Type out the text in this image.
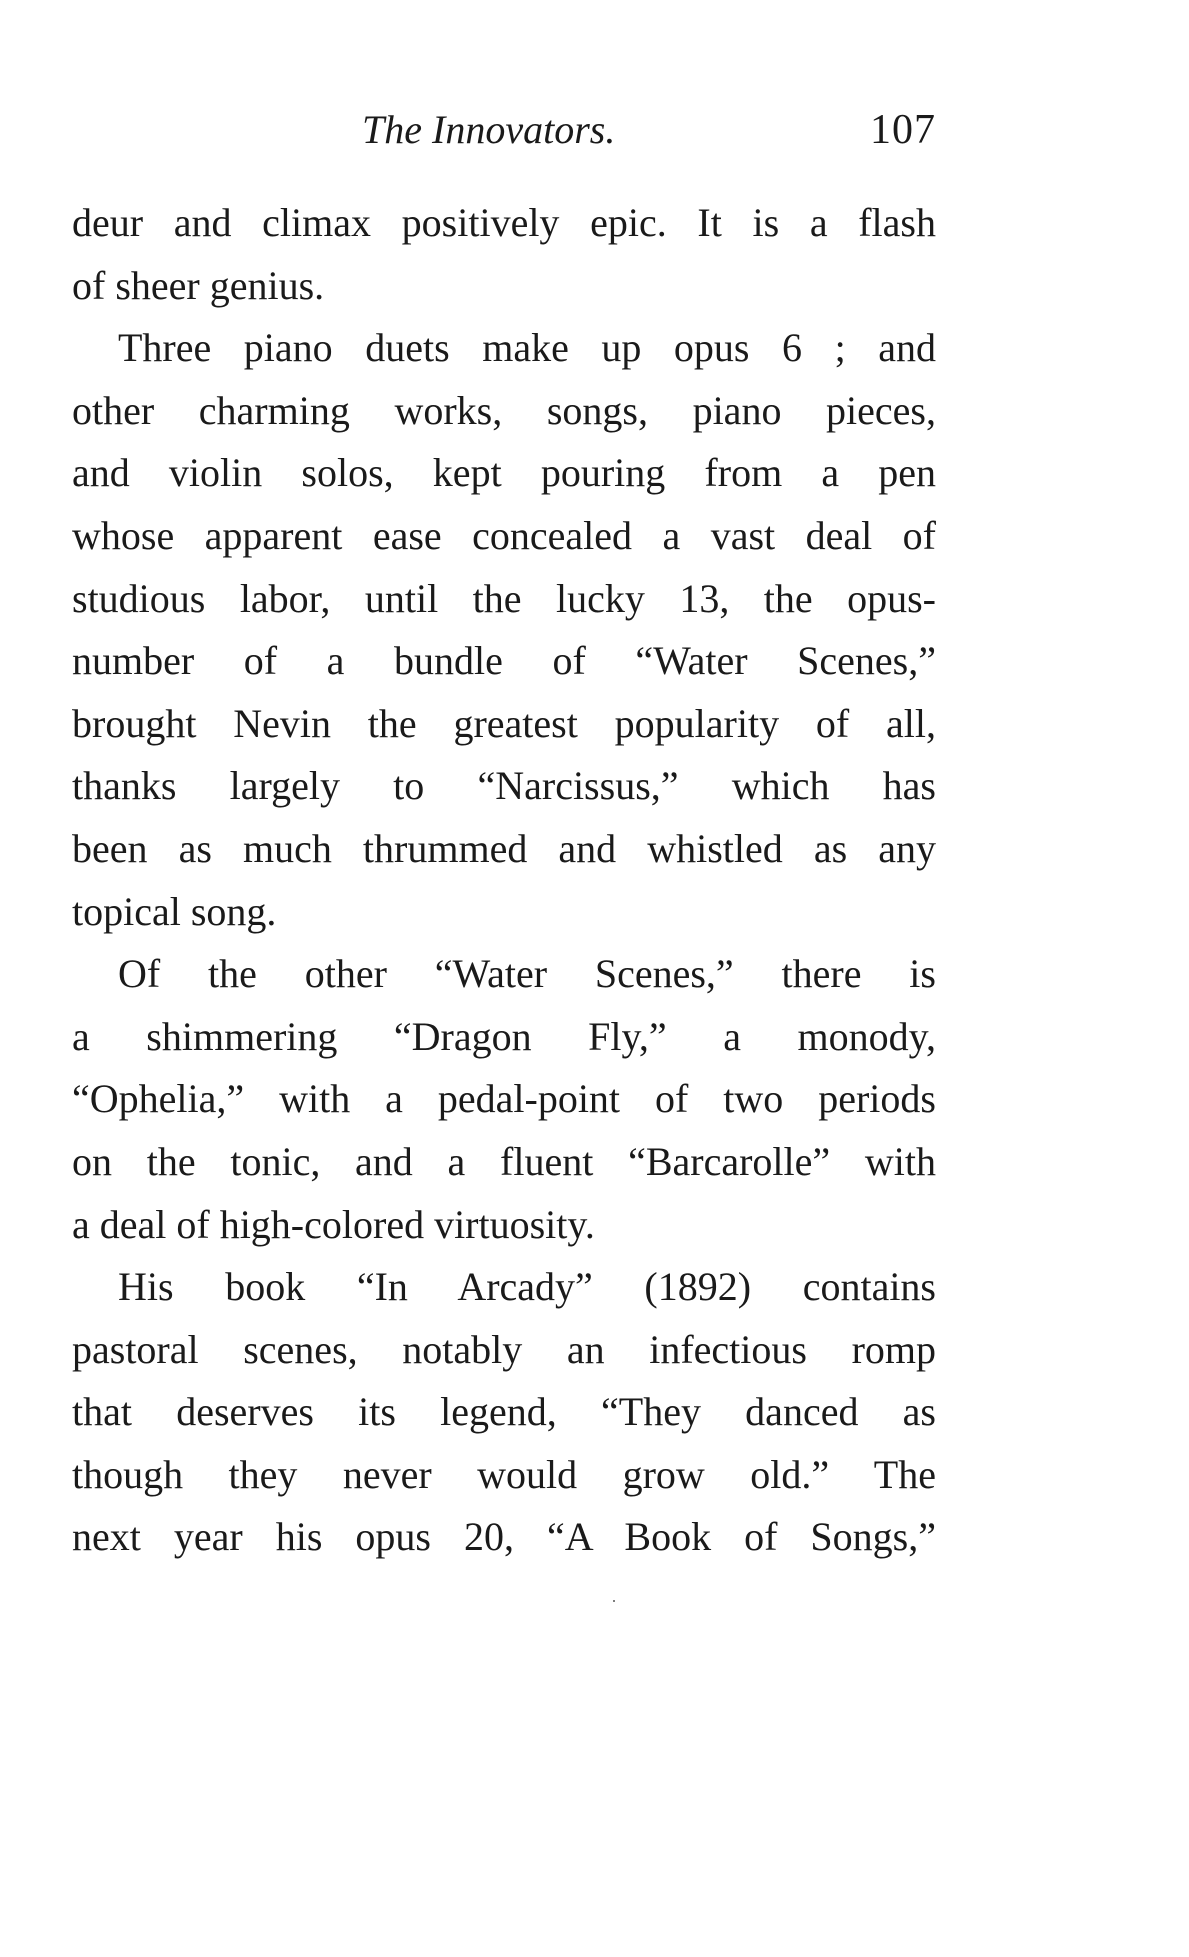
The Innovators.	107
deur and climax positively epic. It is a flash
of sheer genius.
Three piano duets make up opus 6 ; and
other charming works, songs, piano pieces,
and violin solos, kept pouring from a pen
whose apparent ease concealed a vast deal of
studious labor, until the lucky 13, the opus-
number of a bundle of “Water Scenes,”
brought Nevin the greatest popularity of all,
thanks largely to “Narcissus,” which has
been as much thrummed and whistled as any
topical song.
Of the other “Water Scenes,” there is
a shimmering “Dragon Fly,” a monody,
“Ophelia,” with a pedal-point of two periods
on the tonic, and a fluent “Barcarolle” with
a deal of high-colored virtuosity.
His book “In Arcady” (1892) contains
pastoral scenes, notably an infectious romp
that deserves its legend, “They danced as
though they never would grow old.” The
next year his opus 20, “A Book of Songs,”
